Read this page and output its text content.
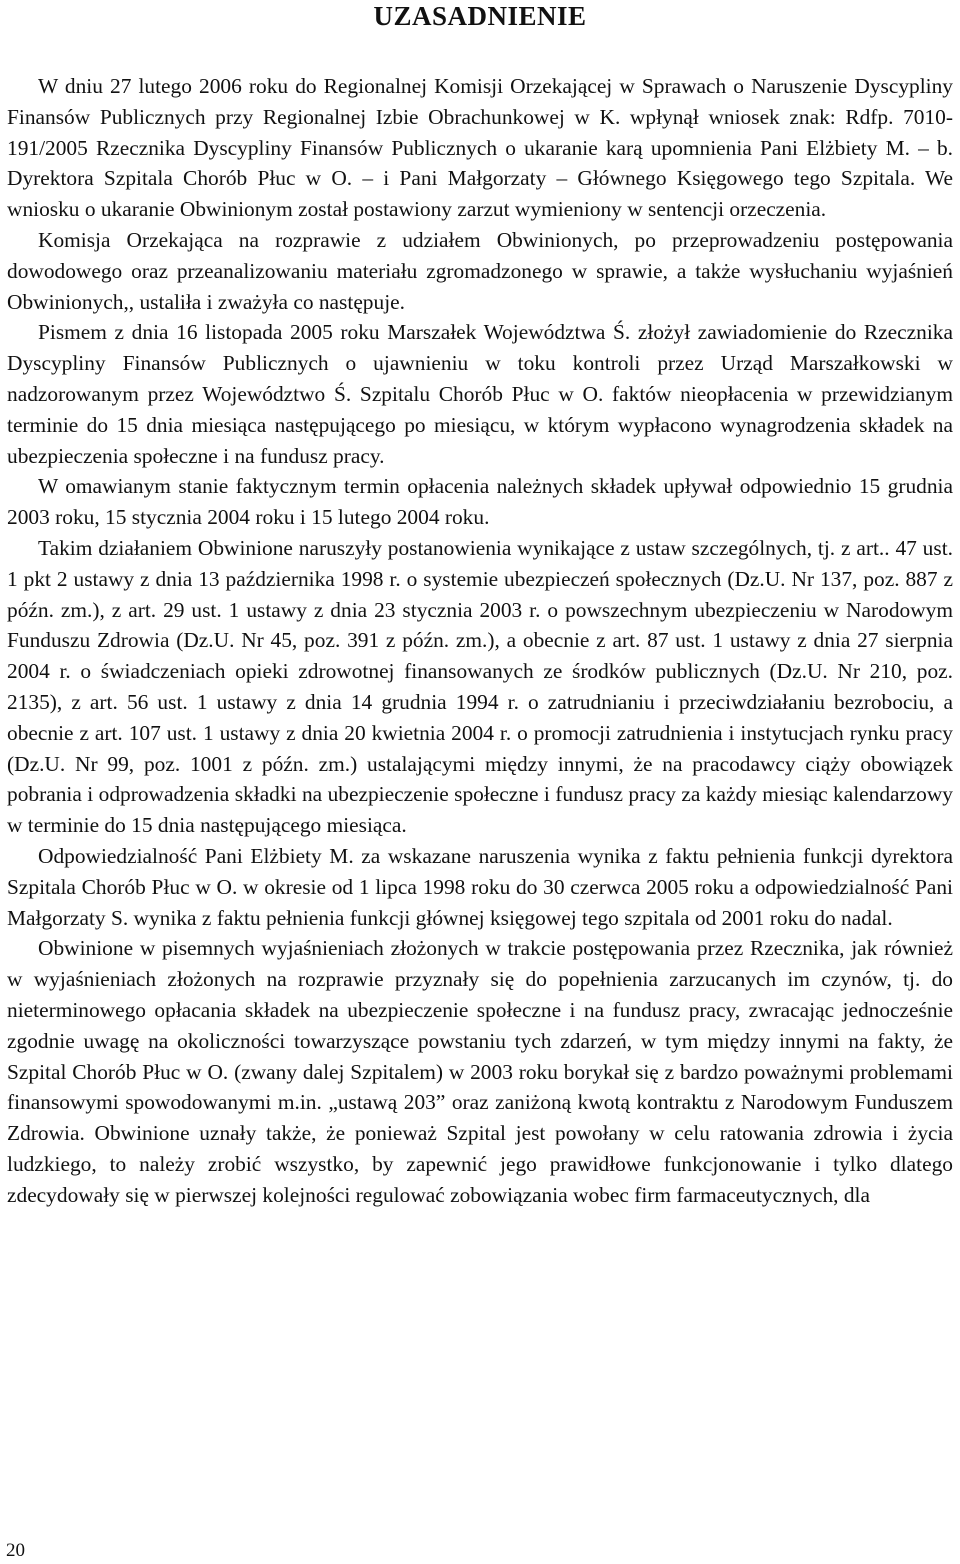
UZASADNIENIE

W dniu 27 lutego 2006 roku do Regionalnej Komisji Orzekającej w Sprawach o Naruszenie Dyscypliny Finansów Publicznych przy Regionalnej Izbie Obrachunkowej w K. wpłynął wniosek znak: Rdfp. 7010-191/2005 Rzecznika Dyscypliny Finansów Publicznych o ukaranie karą upomnienia Pani Elżbiety M. – b. Dyrektora Szpitala Chorób Płuc w O. – i Pani Małgorzaty – Głównego Księgowego tego Szpitala. We wniosku o ukaranie Obwinionym został postawiony zarzut wymieniony w sentencji orzeczenia.

Komisja Orzekająca na rozprawie z udziałem Obwinionych, po przeprowadzeniu postępowania dowodowego oraz przeanalizowaniu materiału zgromadzonego w sprawie, a także wysłuchaniu wyjaśnień Obwinionych,, ustaliła i zważyła co następuje.

Pismem z dnia 16 listopada 2005 roku Marszałek Województwa Ś. złożył zawiadomienie do Rzecznika Dyscypliny Finansów Publicznych o ujawnieniu w toku kontroli przez Urząd Marszałkowski w nadzorowanym przez Województwo Ś. Szpitalu Chorób Płuc w O. faktów nieopłacenia w przewidzianym terminie do 15 dnia miesiąca następującego po miesiącu, w którym wypłacono wynagrodzenia składek na ubezpieczenia społeczne i na fundusz pracy.

W omawianym stanie faktycznym termin opłacenia należnych składek upływał odpowiednio 15 grudnia 2003 roku, 15 stycznia 2004 roku i 15 lutego 2004 roku.

Takim działaniem Obwinione naruszyły postanowienia wynikające z ustaw szczególnych, tj. z art.. 47 ust. 1 pkt 2 ustawy z dnia 13 października 1998 r. o systemie ubezpieczeń społecznych (Dz.U. Nr 137, poz. 887 z późn. zm.), z art. 29 ust. 1 ustawy z dnia 23 stycznia 2003 r. o powszechnym ubezpieczeniu w Narodowym Funduszu Zdrowia (Dz.U. Nr 45, poz. 391 z późn. zm.), a obecnie z art. 87 ust. 1 ustawy z dnia 27 sierpnia 2004 r. o świadczeniach opieki zdrowotnej finansowanych ze środków publicznych (Dz.U. Nr 210, poz. 2135), z art. 56 ust. 1 ustawy z dnia 14 grudnia 1994 r. o zatrudnianiu i przeciwdziałaniu bezrobociu, a obecnie z art. 107 ust. 1 ustawy z dnia 20 kwietnia 2004 r. o promocji zatrudnienia i instytucjach rynku pracy (Dz.U. Nr 99, poz. 1001 z późn. zm.) ustalającymi między innymi, że na pracodawcy ciąży obowiązek pobrania i odprowadzenia składki na ubezpieczenie społeczne i fundusz pracy za każdy miesiąc kalendarzowy w terminie do 15 dnia następującego miesiąca.

Odpowiedzialność Pani Elżbiety M. za wskazane naruszenia wynika z faktu pełnienia funkcji dyrektora Szpitala Chorób Płuc w O. w okresie od 1 lipca 1998 roku do 30 czerwca 2005 roku a odpowiedzialność Pani Małgorzaty S. wynika z faktu pełnienia funkcji głównej księgowej tego szpitala od 2001 roku do nadal.

Obwinione w pisemnych wyjaśnieniach złożonych w trakcie postępowania przez Rzecznika, jak również w wyjaśnieniach złożonych na rozprawie przyznały się do popełnienia zarzucanych im czynów, tj. do nieterminowego opłacania składek na ubezpieczenie społeczne i na fundusz pracy, zwracając jednocześnie zgodnie uwagę na okoliczności towarzyszące powstaniu tych zdarzeń, w tym między innymi na fakty, że Szpital Chorób Płuc w O. (zwany dalej Szpitalem) w 2003 roku borykał się z bardzo poważnymi problemami finansowymi spowodowanymi m.in. „ustawą 203” oraz zaniżoną kwotą kontraktu z Narodowym Funduszem Zdrowia. Obwinione uznały także, że ponieważ Szpital jest powołany w celu ratowania zdrowia i życia ludzkiego, to należy zrobić wszystko, by zapewnić jego prawidłowe funkcjonowanie i tylko dlatego zdecydowały się w pierwszej kolejności regulować zobowiązania wobec firm farmaceutycznych, dla

20
